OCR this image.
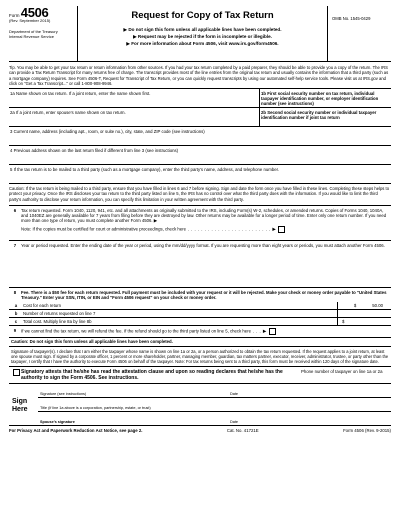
Form 4506
(Rev. September 2015)
Department of the Treasury
Internal Revenue Service
Request for Copy of Tax Return
▶ Do not sign this form unless all applicable lines have been completed.
▶ Request may be rejected if the form is incomplete or illegible.
▶ For more information about Form 4506, visit www.irs.gov/form4506.
OMB No. 1545-0429
Tip. You may be able to get your tax return or return information from other sources. If you had your tax return completed by a paid preparer, they should be able to provide you a copy of the return. The IRS can provide a Tax Return Transcript for many returns free of charge. The transcript provides most of the line entries from the original tax return and usually contains the information that a third party (such as a mortgage company) requires. See Form 4506-T, Request for Transcript of Tax Return, or you can quickly request transcripts by using our automated self-help service tools. Please visit us at IRS.gov and click on "Get a Tax Transcript..." or call 1-800-908-9946.
1a Name shown on tax return. If a joint return, enter the name shown first.	1b First social security number on tax return, individual taxpayer identification number, or employer identification number (see instructions)
2a If a joint return, enter spouse's name shown on tax return.	2b Second social security number or individual taxpayer identification number if joint tax return
3 Current name, address (including apt., room, or suite no.), city, state, and ZIP code (see instructions)
4 Previous address shown on the last return filed if different from line 3 (see instructions)
5 If the tax return is to be mailed to a third party (such as a mortgage company), enter the third party's name, address, and telephone number.
Caution: If the tax return is being mailed to a third party, ensure that you have filled in lines 6 and 7 before signing. Sign and date the form once you have filled in these lines. Completing these steps helps to protect your privacy. Once the IRS discloses your tax return to the third party listed on line 5, the IRS has no control over what the third party does with the information. If you would like to limit the third party's authority to disclose your return information, you can specify this limitation in your written agreement with the third party.
6	Tax return requested. Form 1040, 1120, 941, etc. and all attachments as originally submitted to the IRS, including Form(s) W-2, schedules, or amended returns. Copies of Forms 1040, 1040A, and 1040EZ are generally available for 7 years from filing before they are destroyed by law. Other returns may be available for a longer period of time. Enter only one return number. If you need more than one type of return, you must complete another Form 4506. ▶
Note: If the copies must be certified for court or administrative proceedings, check here . . . . . . . . . . . . . . . . . . . . . . . . . ▶
7	Year or period requested. Enter the ending date of the year or period, using the mm/dd/yyyy format. If you are requesting more than eight years or periods, you must attach another Form 4506.
8	Fee. There is a $50 fee for each return requested. Full payment must be included with your request or it will be rejected. Make your check or money order payable to "United States Treasury." Enter your SSN, ITIN, or EIN and "Form 4506 request" on your check or money order.
a	Cost for each return	$	50.00
b	Number of returns requested on line 7
c	Total cost. Multiply line 8a by line 8b	$
9	If we cannot find the tax return, we will refund the fee. If the refund should go to the third party listed on line 5, check here . . . ▶
Caution: Do not sign this form unless all applicable lines have been completed.
Signature of taxpayer(s). I declare that I am either the taxpayer whose name is shown on line 1a or 2a, or a person authorized to obtain the tax return requested. If the request applies to a joint return, at least one spouse must sign. If signed by a corporate officer, 1 percent or more shareholder, partner, managing member, guardian, tax matters partner, executor, receiver, administrator, trustee, or party other than the taxpayer, I certify that I have the authority to execute Form 4506 on behalf of the taxpayer. Note: For tax returns being sent to a third party, this form must be received within 120 days of the signature date.
Signatory attests that he/she has read the attestation clause and upon so reading declares that he/she has the authority to sign the Form 4506. See instructions.
Phone number of taxpayer on line 1a or 2a
Sign Here
Signature (see instructions)	Date
Title (if line 1a above is a corporation, partnership, estate, or trust)
Spouse's signature	Date
For Privacy Act and Paperwork Reduction Act Notice, see page 2.	Cat. No. 41721E	Form 4506 (Rev. 9-2015)
